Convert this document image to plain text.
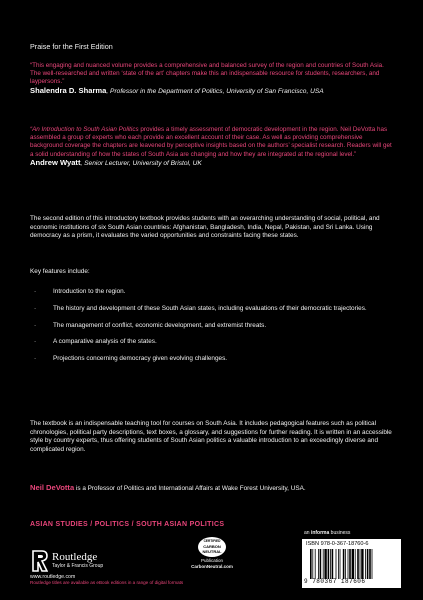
Praise for the First Edition
“This engaging and nuanced volume provides a comprehensive and balanced survey of the region and countries of South Asia. The well-researched and written ‘state of the art’ chapters make this an indispensable resource for students, researchers, and laypersons.”
Shalendra D. Sharma, Professor in the Department of Politics, University of San Francisco, USA
“An Introduction to South Asian Politics provides a timely assessment of democratic development in the region. Neil DeVotta has assembled a group of experts who each provide an excellent account of their case. As well as providing comprehensive background coverage the chapters are leavened by perceptive insights based on the authors’ specialist research. Readers will get a solid understanding of how the states of South Asia are changing and how they are integrated at the regional level.”
Andrew Wyatt, Senior Lecturer, University of Bristol, UK
The second edition of this introductory textbook provides students with an overarching understanding of social, political, and economic institutions of six South Asian countries: Afghanistan, Bangladesh, India, Nepal, Pakistan, and Sri Lanka. Using democracy as a prism, it evaluates the varied opportunities and constraints facing these states.
Key features include:
·	Introduction to the region.
·	The history and development of these South Asian states, including evaluations of their democratic trajectories.
·	The management of conflict, economic development, and extremist threats.
·	A comparative analysis of the states.
·	Projections concerning democracy given evolving challenges.
The textbook is an indispensable teaching tool for courses on South Asia. It includes pedagogical features such as political chronologies, political party descriptions, text boxes, a glossary, and suggestions for further reading. It is written in an accessible style by country experts, thus offering students of South Asian politics a valuable introduction to an exceedingly diverse and complicated region.
Neil DeVotta is a Professor of Politics and International Affairs at Wake Forest University, USA.
ASIAN STUDIES / POLITICS / SOUTH ASIAN POLITICS
Routledge
Taylor & Francis Group
www.routledge.com
CERTIFIED
CARBON
NEUTRAL
Publication
CarbonNeutral.com
an informa business
ISBN 978-0-367-18760-6
9 780367 187606
Routledge titles are available as eBook editions in a range of digital formats
